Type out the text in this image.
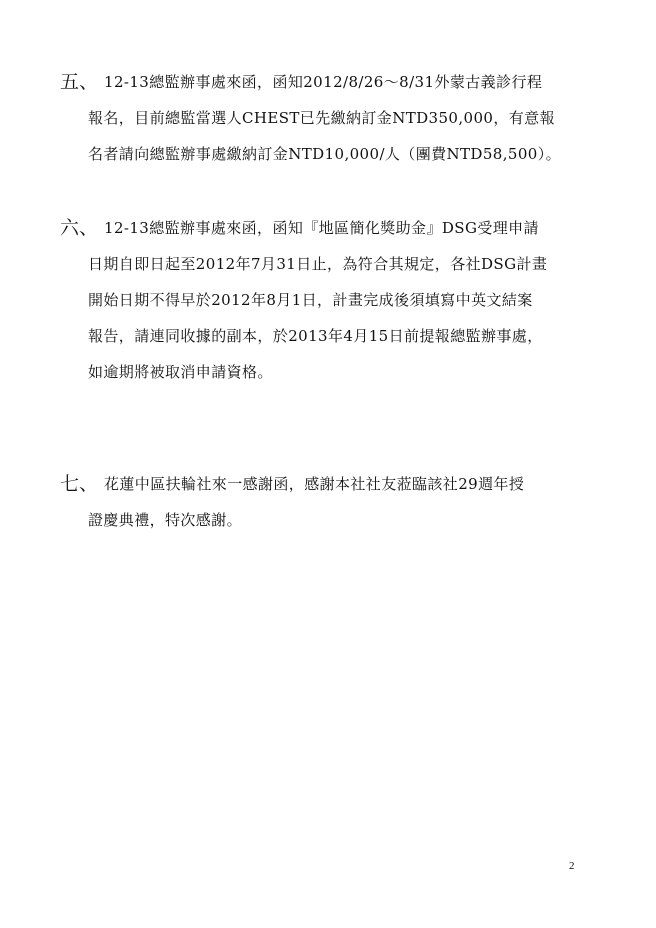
五、 12-13總監辦事處來函，函知2012/8/26～8/31外蒙古義診行程
報名，目前總監當選人CHEST已先繳納訂金NTD350,000，有意報
名者請向總監辦事處繳納訂金NTD10,000/人（團費NTD58,500）。
六、 12-13總監辦事處來函，函知『地區簡化獎助金』DSG受理申請
日期自即日起至2012年7月31日止，為符合其規定，各社DSG計畫
開始日期不得早於2012年8月1日，計畫完成後須填寫中英文結案
報告，請連同收據的副本，於2013年4月15日前提報總監辦事處，
如逾期將被取消申請資格。
七、 花蓮中區扶輪社來一感謝函，感謝本社社友蒞臨該社29週年授
證慶典禮，特次感謝。
2
